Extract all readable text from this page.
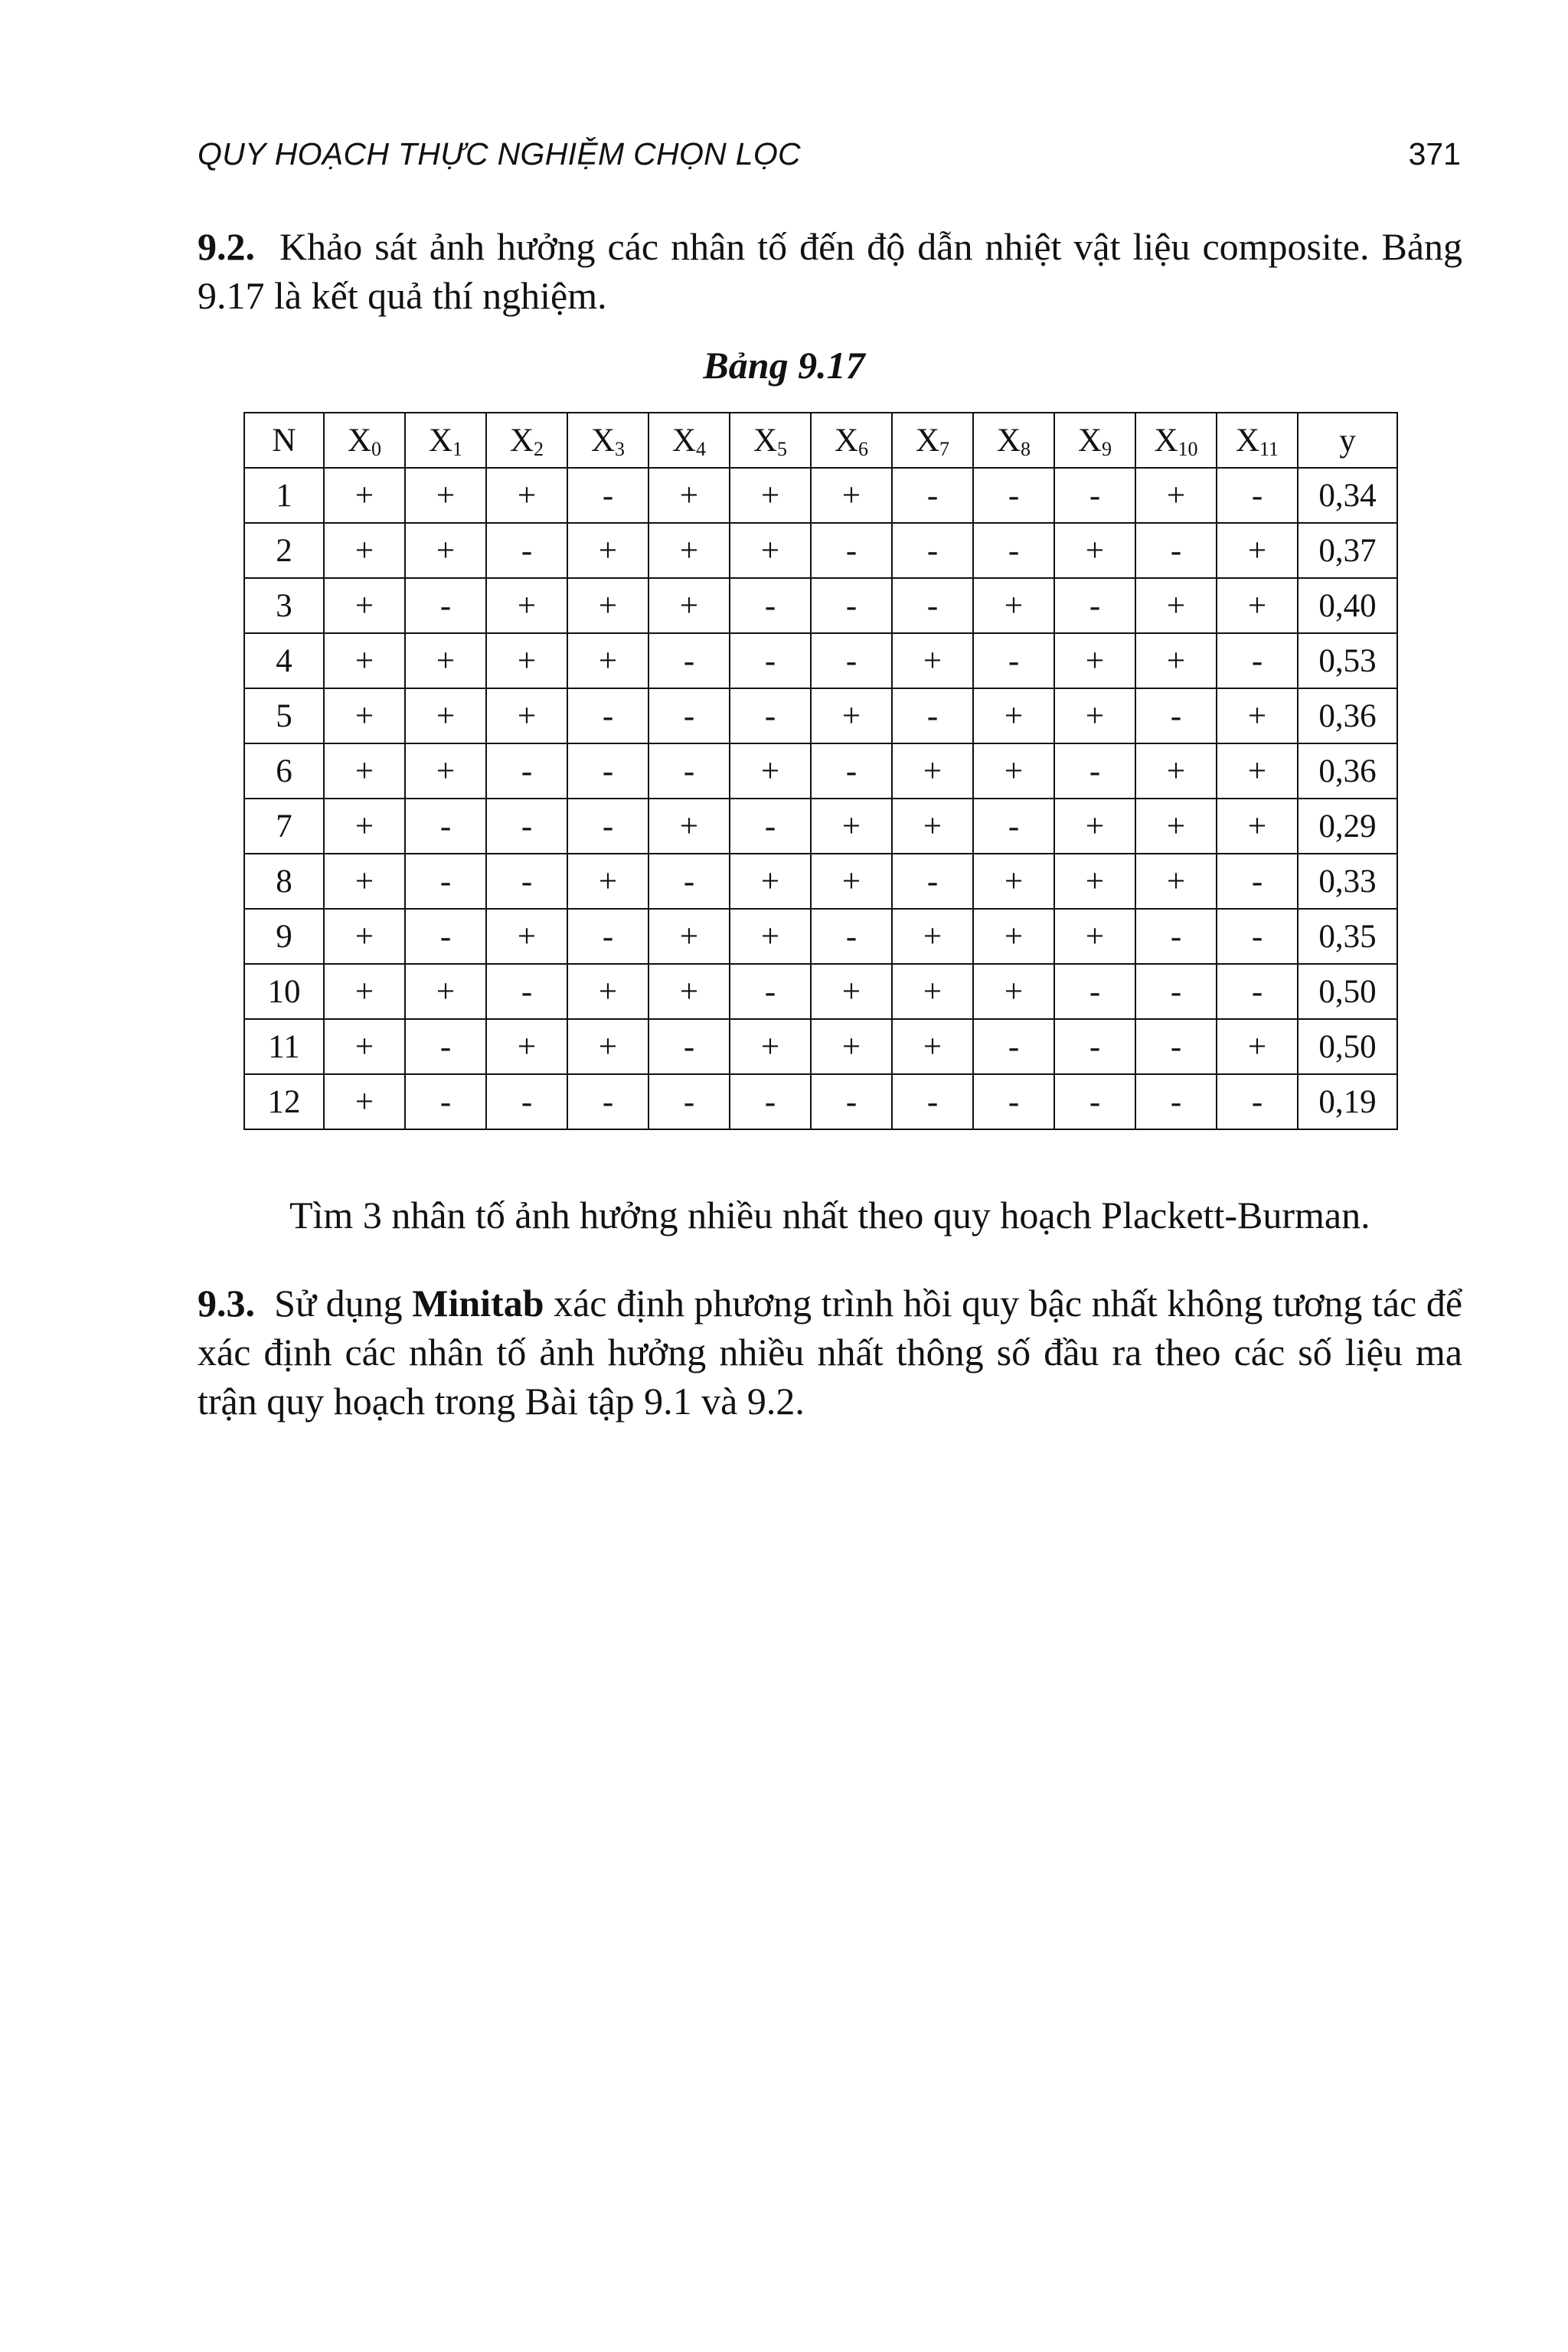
QUY HOẠCH THỰC NGHIỆM CHỌN LỌC	371

9.2. Khảo sát ảnh hưởng các nhân tố đến độ dẫn nhiệt vật liệu composite. Bảng 9.17 là kết quả thí nghiệm.

Bảng 9.17
N	$X_0$	$X_1$	$X_2$	$X_3$	$X_4$	$X_5$	$X_6$	$X_7$	$X_8$	$X_9$	$X_{10}$	$X_{11}$	y
1	+	+	+	-	+	+	+	-	-	-	+	-	0,34
2	+	+	-	+	+	+	-	-	-	+	-	+	0,37
3	+	-	+	+	+	-	-	-	+	-	+	+	0,40
4	+	+	+	+	-	-	-	+	-	+	+	-	0,53
5	+	+	+	-	-	-	+	-	+	+	-	+	0,36
6	+	+	-	-	-	+	-	+	+	-	+	+	0,36
7	+	-	-	-	+	-	+	+	-	+	+	+	0,29
8	+	-	-	+	-	+	+	-	+	+	+	-	0,33
9	+	-	+	-	+	+	-	+	+	+	-	-	0,35
10	+	+	-	+	+	-	+	+	+	-	-	-	0,50
11	+	-	+	+	-	+	+	+	-	-	-	+	0,50
12	+	-	-	-	-	-	-	-	-	-	-	-	0,19
Tìm 3 nhân tố ảnh hưởng nhiều nhất theo quy hoạch Plackett-Burman.

9.3. Sử dụng Minitab xác định phương trình hồi quy bậc nhất không tương tác để xác định các nhân tố ảnh hưởng nhiều nhất thông số đầu ra theo các số liệu ma trận quy hoạch trong Bài tập 9.1 và 9.2.
